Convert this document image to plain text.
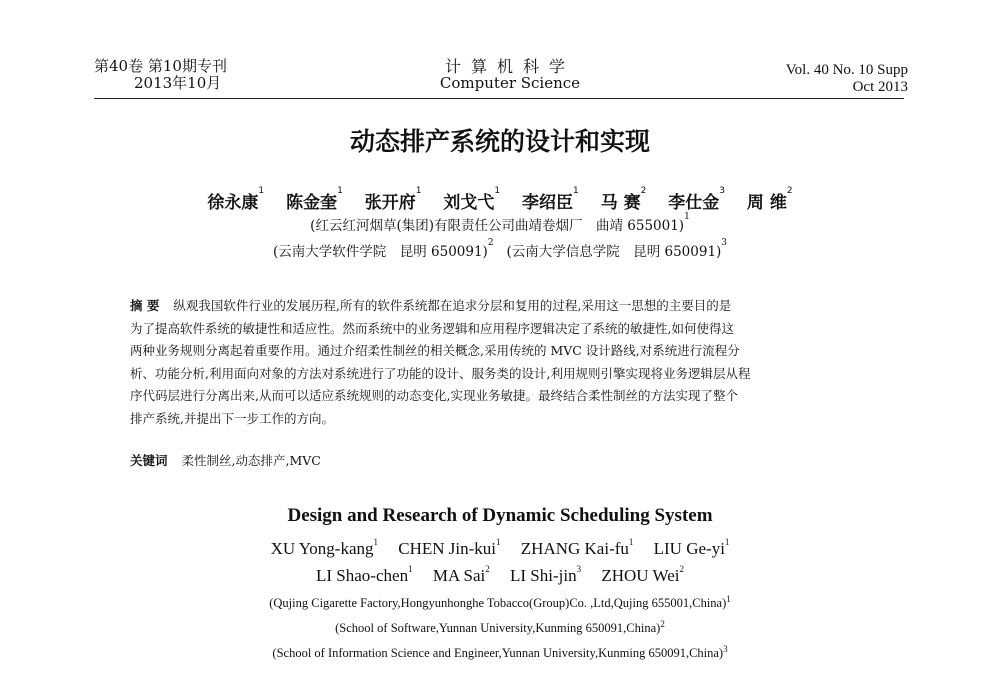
第40卷 第10期专刊
2013年10月
计算机科学
Computer Science
Vol. 40 No. 10 Supp
Oct 2013
动态排产系统的设计和实现
徐永康$^1$ 陈金奎$^1$ 张开府$^1$ 刘戈弋$^1$ 李绍臣$^1$ 马 赛$^2$ 李仕金$^3$ 周 维$^2$
(红云红河烟草(集团)有限责任公司曲靖卷烟厂　曲靖 655001)$^1$
(云南大学软件学院　昆明 650091)$^2$   (云南大学信息学院　昆明 650091)$^3$
摘 要 纵观我国软件行业的发展历程,所有的软件系统都在追求分层和复用的过程,采用这一思想的主要目的是
为了提高软件系统的敏捷性和适应性。然而系统中的业务逻辑和应用程序逻辑决定了系统的敏捷性,如何使得这
两种业务规则分离起着重要作用。通过介绍柔性制丝的相关概念,采用传统的 MVC 设计路线,对系统进行流程分
析、功能分析,利用面向对象的方法对系统进行了功能的设计、服务类的设计,利用规则引擎实现将业务逻辑层从程
序代码层进行分离出来,从而可以适应系统规则的动态变化,实现业务敏捷。最终结合柔性制丝的方法实现了整个
排产系统,并提出下一步工作的方向。
关键词 柔性制丝,动态排产,MVC
Design and Research of Dynamic Scheduling System
XU Yong-kang$^1$ CHEN Jin-kui$^1$ ZHANG Kai-$fu^1$ LIU $Ge-yi^1$
LI Shao-chen$^1$ MA Sai$^2$ LI Shi-jin$^3$ ZHOU Wei$^2$
(Qujing Cigarette Factory,Hongyunhonghe Tobacco(Group)Co. ,Ltd,Qujing 655001,China)$^1$
(School of Software,Yunnan University,Kunming 650091,China)$^2$
(School of Information Science and Engineer,Yunnan University,Kunming 650091,China)$^3$
